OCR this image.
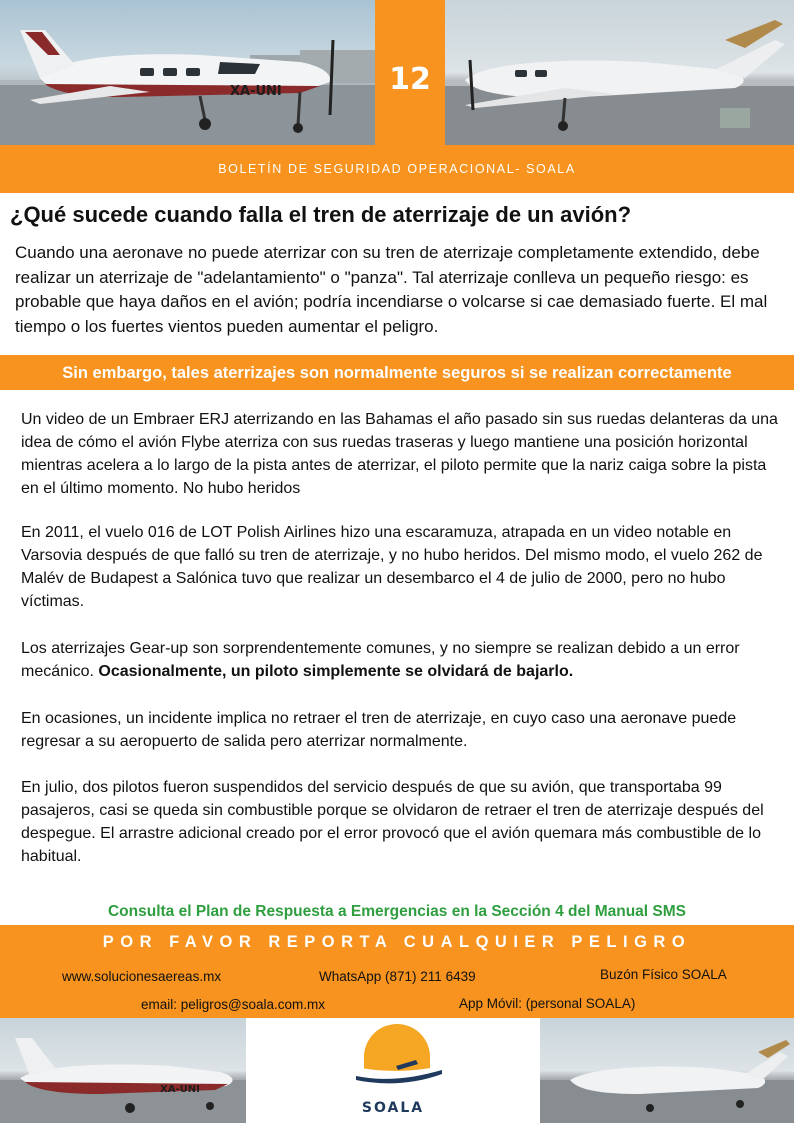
XA-UNI	12
BOLETÍN DE SEGURIDAD OPERACIONAL- SOALA
¿Qué sucede cuando falla el tren de aterrizaje de un avión?
Cuando una aeronave no puede aterrizar con su tren de aterrizaje completamente extendido, debe realizar un aterrizaje de "adelantamiento" o "panza". Tal aterrizaje conlleva un pequeño riesgo: es probable que haya daños en el avión; podría incendiarse o volcarse si cae demasiado fuerte. El mal tiempo o los fuertes vientos pueden aumentar el peligro.
Sin embargo, tales aterrizajes son normalmente seguros si se realizan correctamente
Un video de un Embraer ERJ aterrizando en las Bahamas el año pasado sin sus ruedas delanteras da una idea de cómo el avión Flybe aterriza con sus ruedas traseras y luego mantiene una posición horizontal mientras acelera a lo largo de la pista antes de aterrizar, el piloto permite que la nariz caiga sobre la pista en el último momento. No hubo heridos
En 2011, el vuelo 016 de LOT Polish Airlines hizo una escaramuza, atrapada en un video notable en Varsovia después de que falló su tren de aterrizaje, y no hubo heridos. Del mismo modo, el vuelo 262 de Malév de Budapest a Salónica tuvo que realizar un desembarco el 4 de julio de 2000, pero no hubo víctimas.
Los aterrizajes Gear-up son sorprendentemente comunes, y no siempre se realizan debido a un error mecánico. Ocasionalmente, un piloto simplemente se olvidará de bajarlo.
En ocasiones, un incidente implica no retraer el tren de aterrizaje, en cuyo caso una aeronave puede regresar a su aeropuerto de salida pero aterrizar normalmente.
En julio, dos pilotos fueron suspendidos del servicio después de que su avión, que transportaba 99 pasajeros, casi se queda sin combustible porque se olvidaron de retraer el tren de aterrizaje después del despegue. El arrastre adicional creado por el error provocó que el avión quemara más combustible de lo habitual.
Consulta el Plan de Respuesta a Emergencias en la Sección 4 del Manual SMS
POR FAVOR REPORTA CUALQUIER PELIGRO
www.solucionesaereas.mx	WhatsApp (871) 211 6439	Buzón Físico SOALA
email: peligros@soala.com.mx	App Móvil: (personal SOALA)
XA-UNI
SOALA
